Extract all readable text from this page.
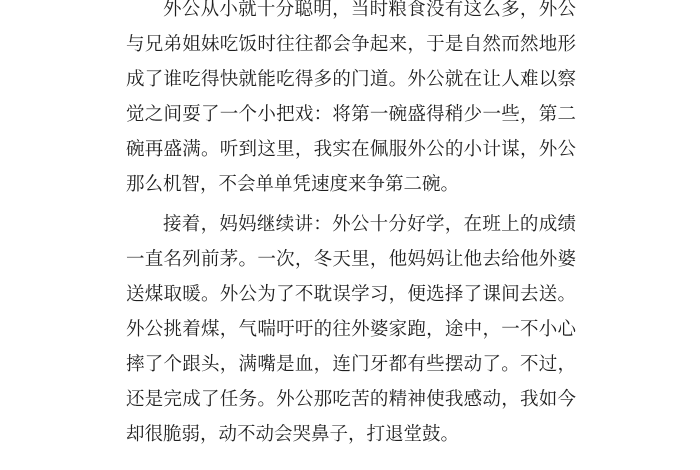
外公从小就十分聪明，当时粮食没有这么多，外公
与兄弟姐妹吃饭时往往都会争起来，于是自然而然地形
成了谁吃得快就能吃得多的门道。外公就在让人难以察
觉之间耍了一个小把戏：将第一碗盛得稍少一些，第二
碗再盛满。听到这里，我实在佩服外公的小计谋，外公
那么机智，不会单单凭速度来争第二碗。
接着，妈妈继续讲：外公十分好学，在班上的成绩
一直名列前茅。一次，冬天里，他妈妈让他去给他外婆
送煤取暖。外公为了不耽误学习，便选择了课间去送。
外公挑着煤，气喘吁吁的往外婆家跑，途中，一不小心
摔了个跟头，满嘴是血，连门牙都有些摆动了。不过，
还是完成了任务。外公那吃苦的精神使我感动，我如今
却很脆弱，动不动会哭鼻子，打退堂鼓。
